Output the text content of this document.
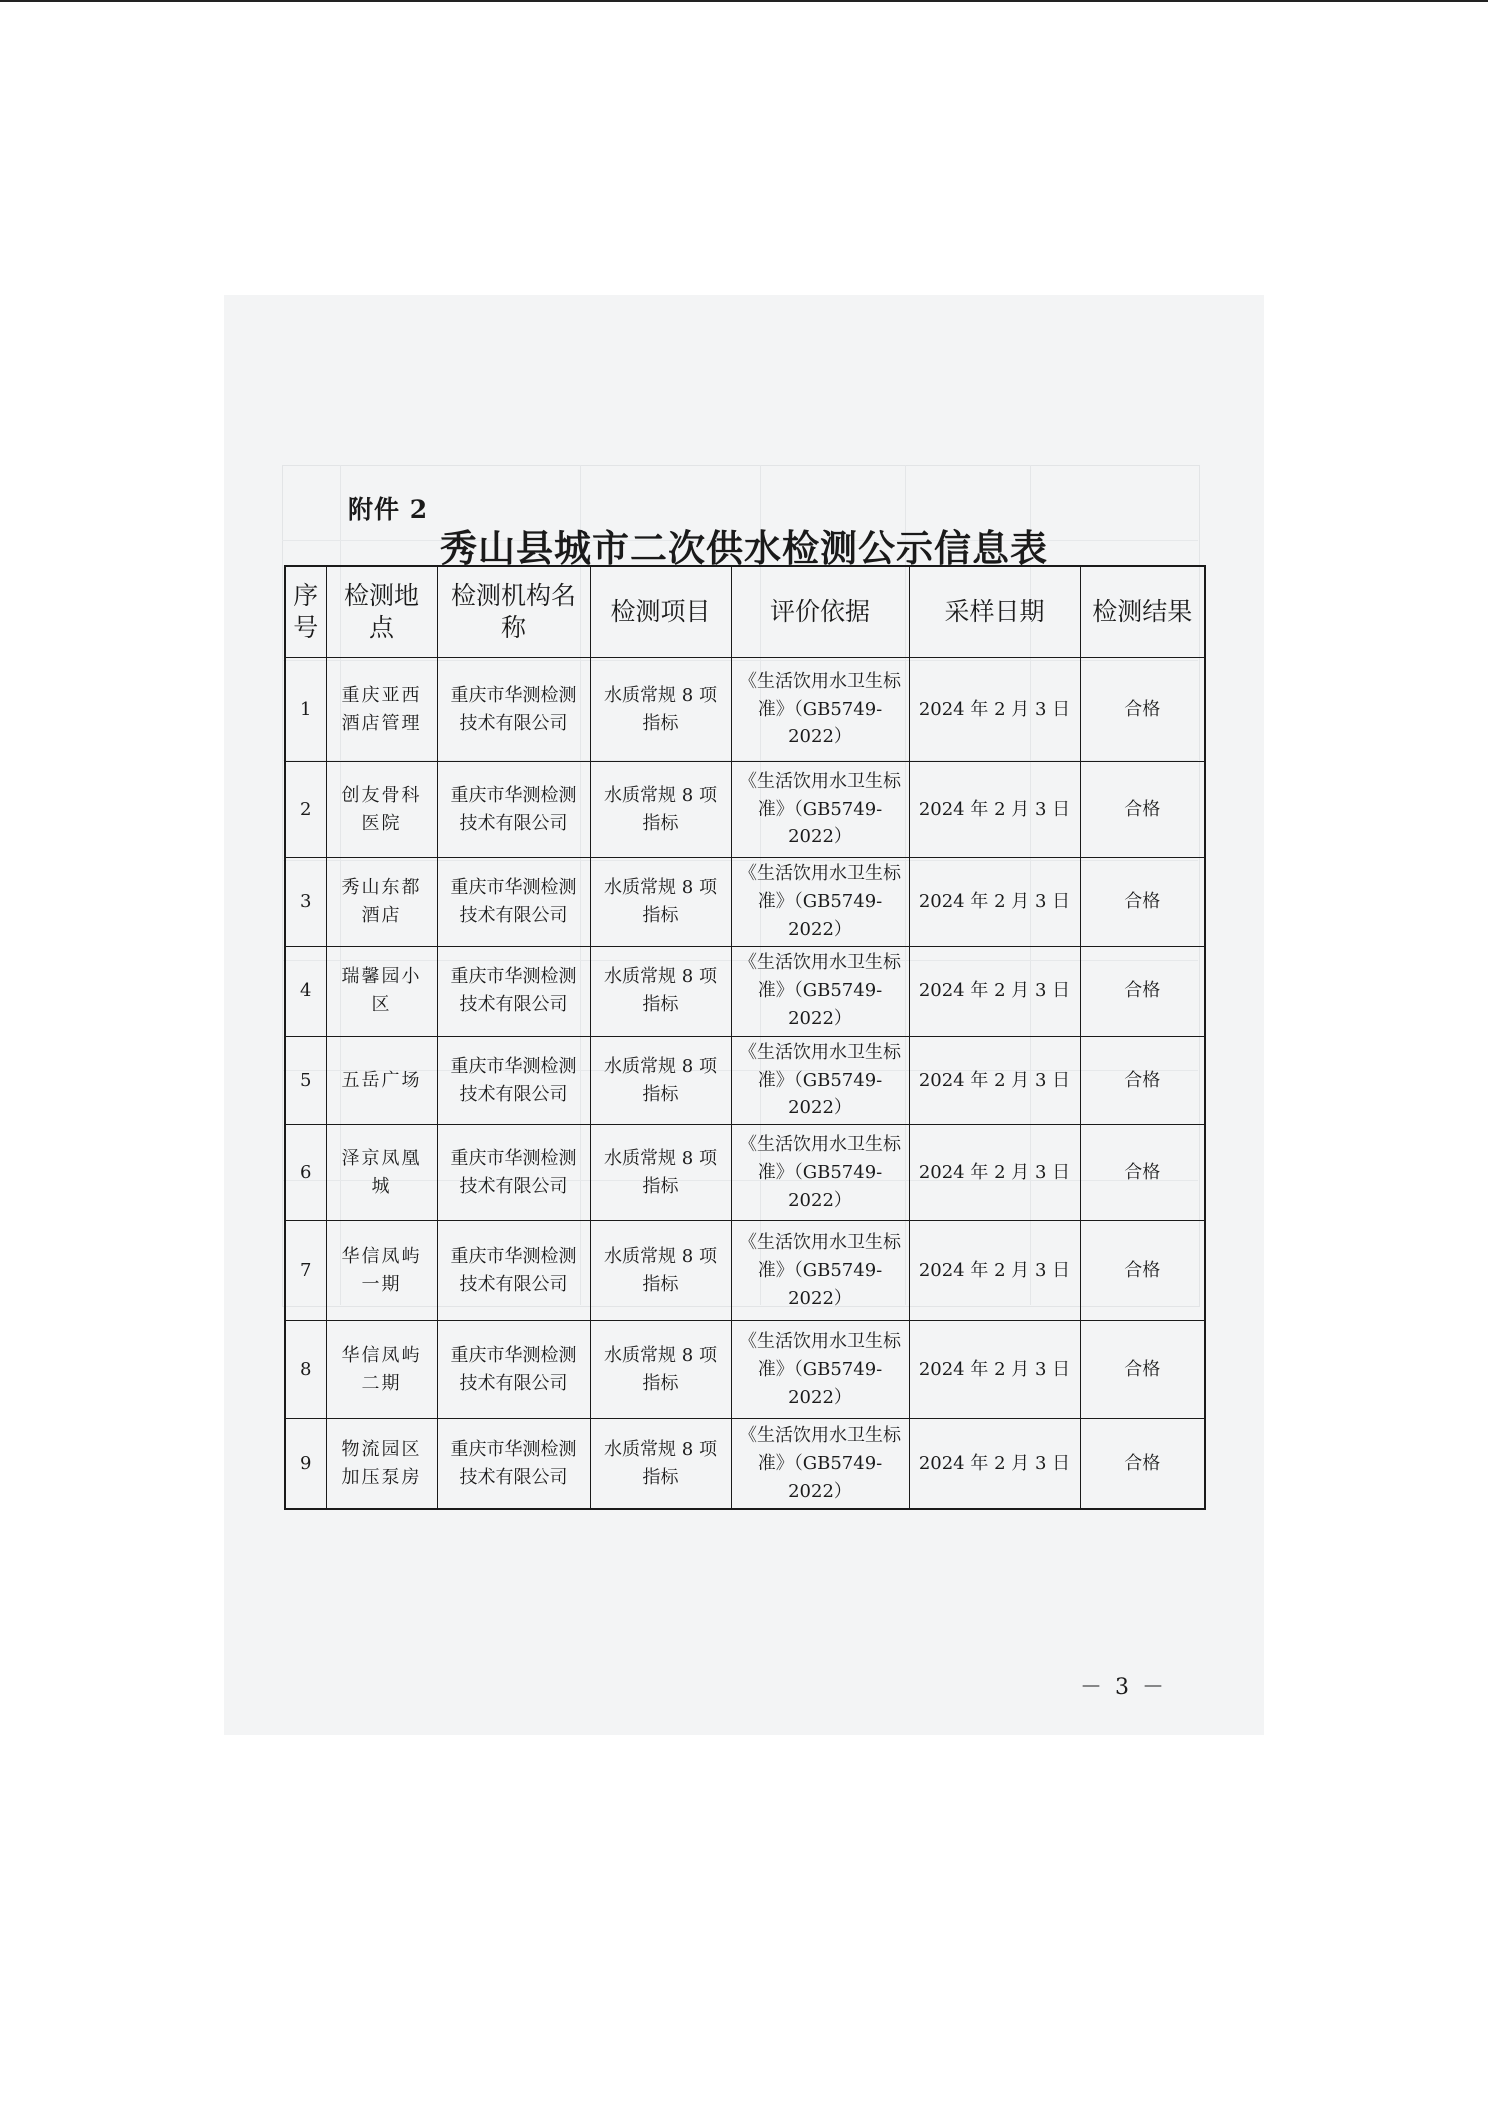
附件 2
秀山县城市二次供水检测公示信息表
序号	检测地点	检测机构名称	检测项目	评价依据	采样日期	检测结果
1	重庆亚西酒店管理	重庆市华测检测技术有限公司	水质常规 8 项指标	《生活饮用水卫生标准》（GB5749-2022）	2024 年 2 月 3 日	合格
2	创友骨科医院	重庆市华测检测技术有限公司	水质常规 8 项指标	《生活饮用水卫生标准》（GB5749-2022）	2024 年 2 月 3 日	合格
3	秀山东都酒店	重庆市华测检测技术有限公司	水质常规 8 项指标	《生活饮用水卫生标准》（GB5749-2022）	2024 年 2 月 3 日	合格
4	瑞馨园小区	重庆市华测检测技术有限公司	水质常规 8 项指标	《生活饮用水卫生标准》（GB5749-2022）	2024 年 2 月 3 日	合格
5	五岳广场	重庆市华测检测技术有限公司	水质常规 8 项指标	《生活饮用水卫生标准》（GB5749-2022）	2024 年 2 月 3 日	合格
6	泽京凤凰城	重庆市华测检测技术有限公司	水质常规 8 项指标	《生活饮用水卫生标准》（GB5749-2022）	2024 年 2 月 3 日	合格
7	华信凤屿一期	重庆市华测检测技术有限公司	水质常规 8 项指标	《生活饮用水卫生标准》（GB5749-2022）	2024 年 2 月 3 日	合格
8	华信凤屿二期	重庆市华测检测技术有限公司	水质常规 8 项指标	《生活饮用水卫生标准》（GB5749-2022）	2024 年 2 月 3 日	合格
9	物流园区加压泵房	重庆市华测检测技术有限公司	水质常规 8 项指标	《生活饮用水卫生标准》（GB5749-2022）	2024 年 2 月 3 日	合格
－ 3 －
